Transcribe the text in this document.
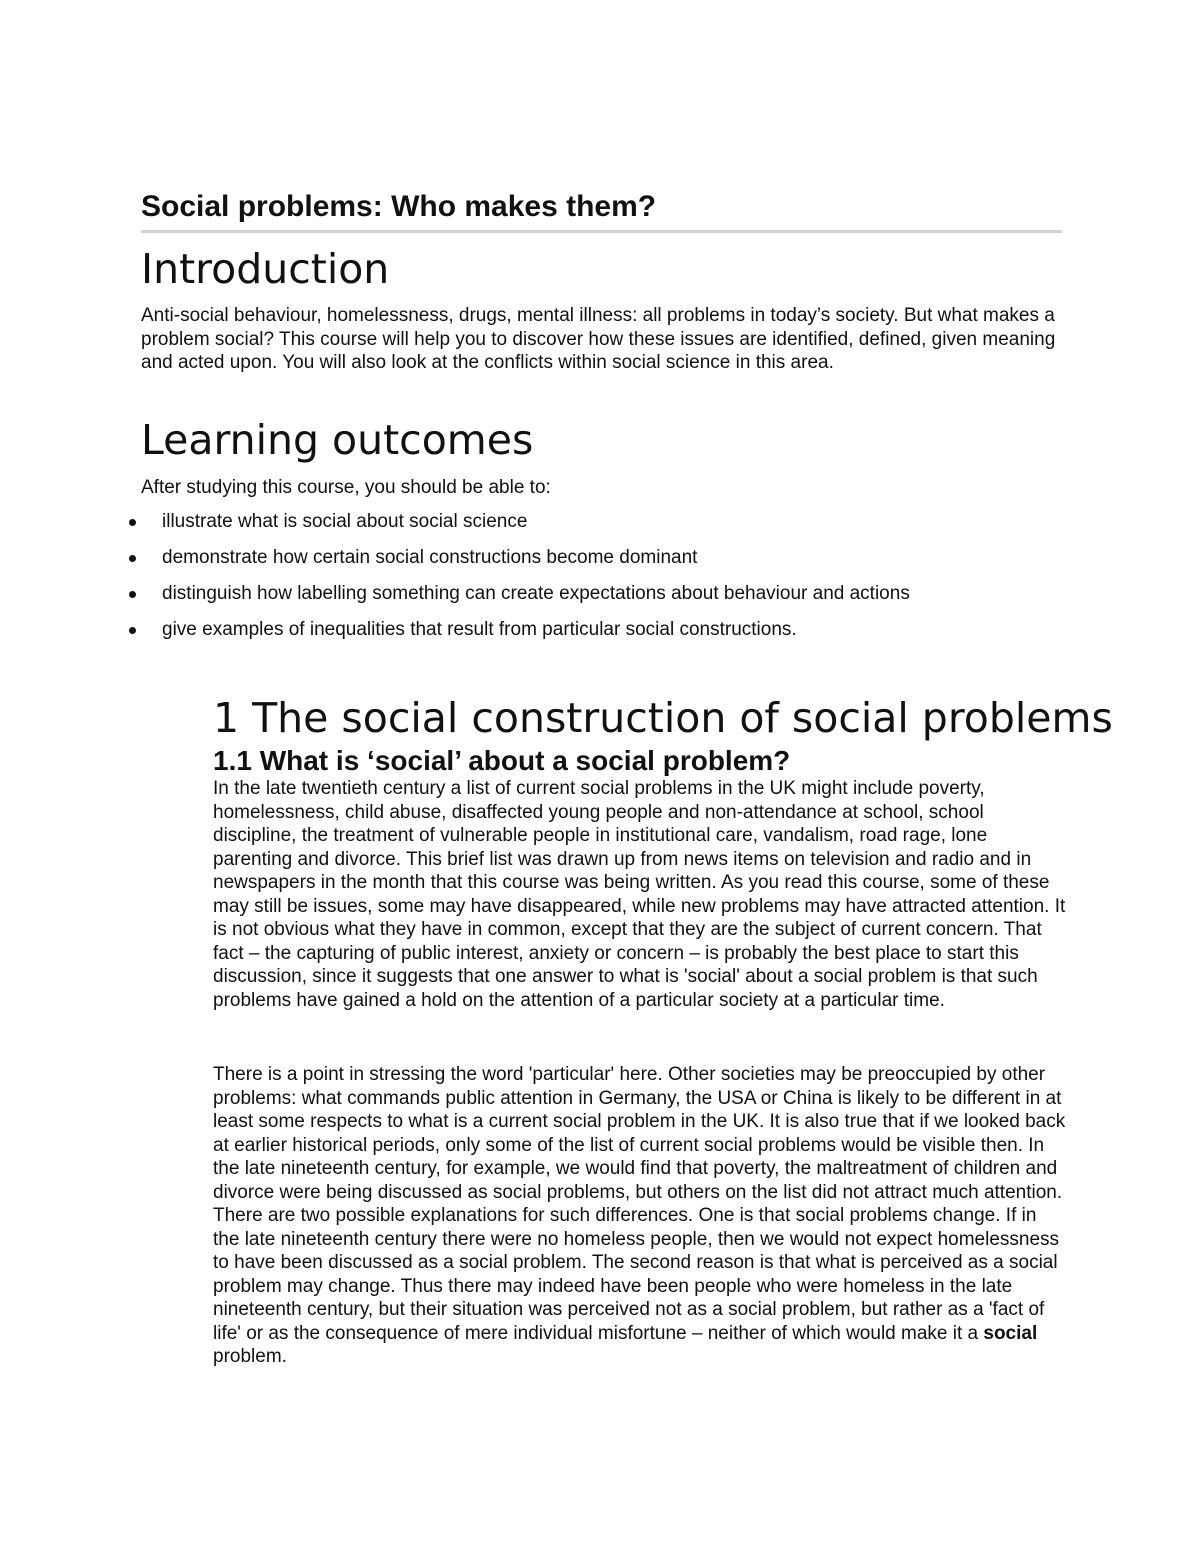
Social problems: Who makes them?
Introduction

Anti-social behaviour, homelessness, drugs, mental illness: all problems in today’s society. But what makes a problem social? This course will help you to discover how these issues are identified, defined, given meaning and acted upon. You will also look at the conflicts within social science in this area.

Learning outcomes

After studying this course, you should be able to:

illustrate what is social about social science
demonstrate how certain social constructions become dominant
distinguish how labelling something can create expectations about behaviour and actions
give examples of inequalities that result from particular social constructions.
1 The social construction of social problems
1.1 What is ‘social’ about a social problem?

In the late twentieth century a list of current social problems in the UK might include poverty, homelessness, child abuse, disaffected young people and non-attendance at school, school discipline, the treatment of vulnerable people in institutional care, vandalism, road rage, lone parenting and divorce. This brief list was drawn up from news items on television and radio and in newspapers in the month that this course was being written. As you read this course, some of these may still be issues, some may have disappeared, while new problems may have attracted attention. It is not obvious what they have in common, except that they are the subject of current concern. That fact – the capturing of public interest, anxiety or concern – is probably the best place to start this discussion, since it suggests that one answer to what is 'social' about a social problem is that such problems have gained a hold on the attention of a particular society at a particular time.

There is a point in stressing the word 'particular' here. Other societies may be preoccupied by other problems: what commands public attention in Germany, the USA or China is likely to be different in at least some respects to what is a current social problem in the UK. It is also true that if we looked back at earlier historical periods, only some of the list of current social problems would be visible then. In the late nineteenth century, for example, we would find that poverty, the maltreatment of children and divorce were being discussed as social problems, but others on the list did not attract much attention. There are two possible explanations for such differences. One is that social problems change. If in the late nineteenth century there were no homeless people, then we would not expect homelessness to have been discussed as a social problem. The second reason is that what is perceived as a social problem may change. Thus there may indeed have been people who were homeless in the late nineteenth century, but their situation was perceived not as a social problem, but rather as a 'fact of life' or as the consequence of mere individual misfortune – neither of which would make it a social problem.
